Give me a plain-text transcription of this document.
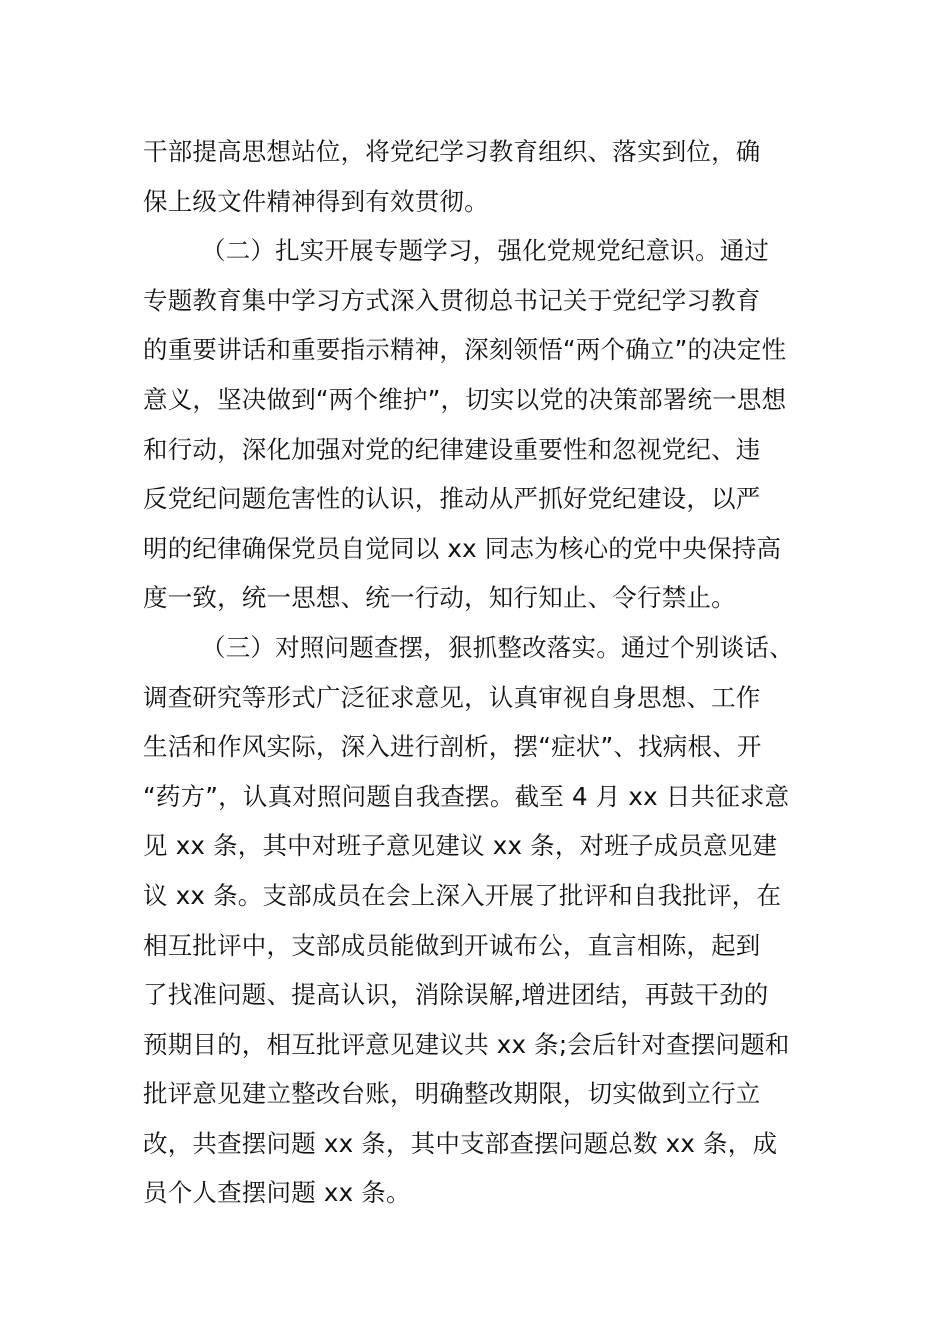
干部提高思想站位，将党纪学习教育组织、落实到位，确
保上级文件精神得到有效贯彻。

（二）扎实开展专题学习，强化党规党纪意识。通过
专题教育集中学习方式深入贯彻总书记关于党纪学习教育
的重要讲话和重要指示精神，深刻领悟“两个确立”的决定性
意义，坚决做到“两个维护”，切实以党的决策部署统一思想
和行动，深化加强对党的纪律建设重要性和忽视党纪、违
反党纪问题危害性的认识，推动从严抓好党纪建设，以严
明的纪律确保党员自觉同以 xx 同志为核心的党中央保持高
度一致，统一思想、统一行动，知行知止、令行禁止。

（三）对照问题查摆，狠抓整改落实。通过个别谈话、
调查研究等形式广泛征求意见，认真审视自身思想、工作
生活和作风实际，深入进行剖析，摆“症状”、找病根、开
“药方”，认真对照问题自我查摆。截至 4 月 xx 日共征求意
见 xx 条，其中对班子意见建议 xx 条，对班子成员意见建
议 xx 条。支部成员在会上深入开展了批评和自我批评，在
相互批评中，支部成员能做到开诚布公，直言相陈，起到
了找准问题、提高认识，消除误解,增进团结，再鼓干劲的
预期目的，相互批评意见建议共 xx 条;会后针对查摆问题和
批评意见建立整改台账，明确整改期限，切实做到立行立
改，共查摆问题 xx 条，其中支部查摆问题总数 xx 条，成
员个人查摆问题 xx 条。
